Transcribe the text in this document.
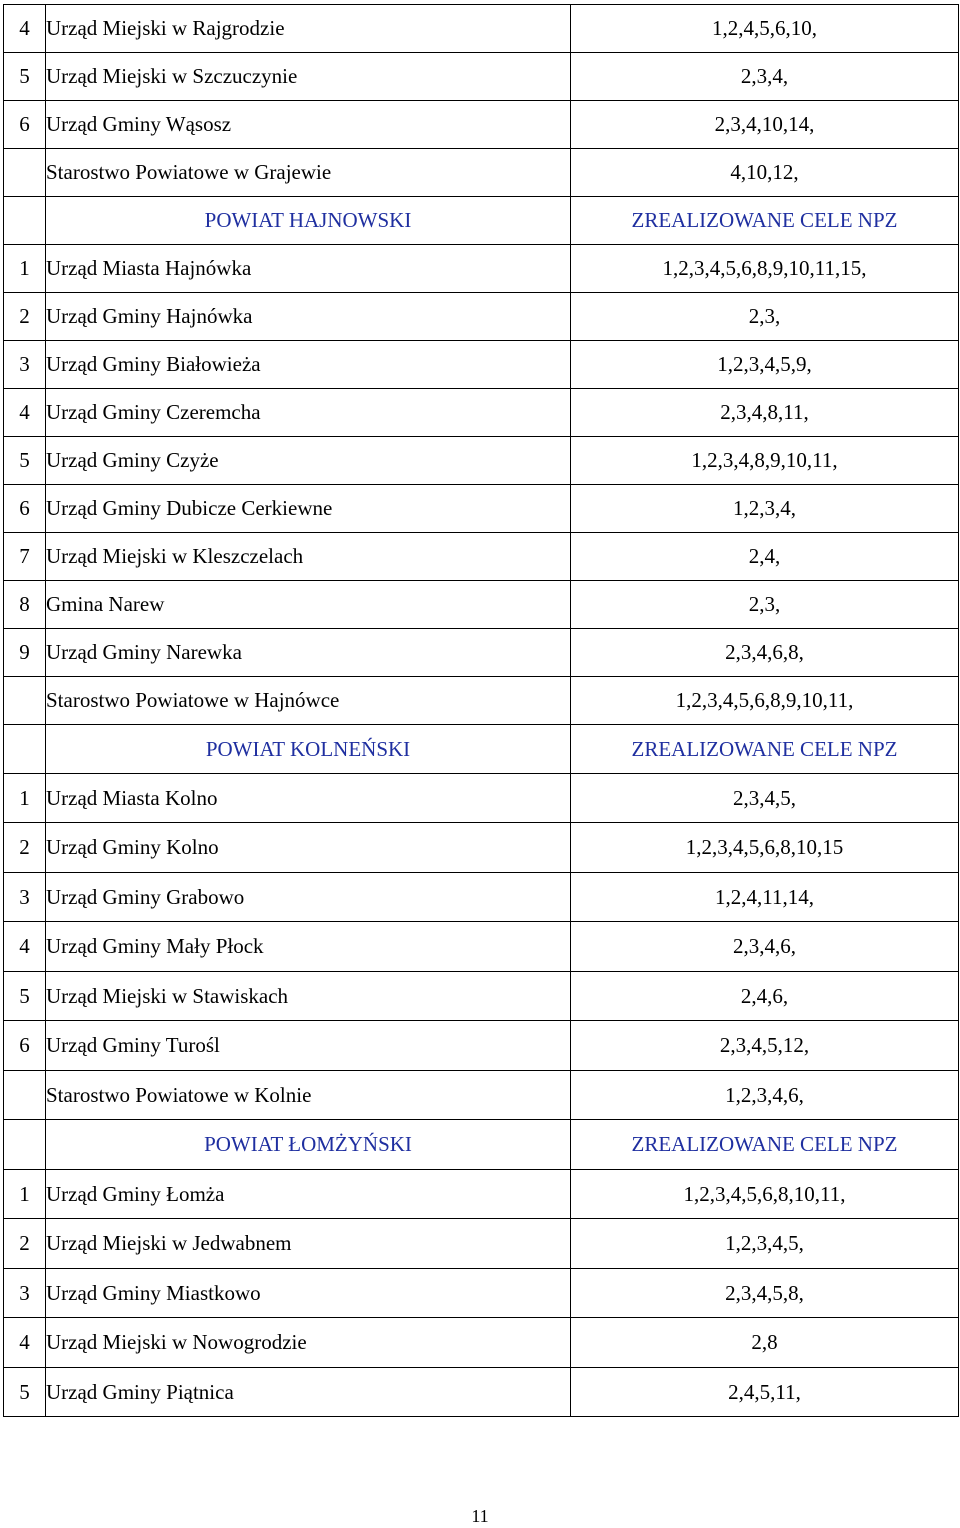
4	Urząd Miejski w Rajgrodzie	1,2,4,5,6,10,
5	Urząd Miejski w Szczuczynie	2,3,4,
6	Urząd Gminy Wąsosz	2,3,4,10,14,
	Starostwo Powiatowe w Grajewie	4,10,12,
	POWIAT HAJNOWSKI	ZREALIZOWANE CELE NPZ
1	Urząd Miasta Hajnówka	1,2,3,4,5,6,8,9,10,11,15,
2	Urząd Gminy Hajnówka	2,3,
3	Urząd Gminy Białowieża	1,2,3,4,5,9,
4	Urząd Gminy Czeremcha	2,3,4,8,11,
5	Urząd Gminy Czyże	1,2,3,4,8,9,10,11,
6	Urząd Gminy Dubicze Cerkiewne	1,2,3,4,
7	Urząd Miejski w Kleszczelach	2,4,
8	Gmina Narew	2,3,
9	Urząd Gminy Narewka	2,3,4,6,8,
	Starostwo Powiatowe w Hajnówce	1,2,3,4,5,6,8,9,10,11,
	POWIAT KOLNEŃSKI	ZREALIZOWANE CELE NPZ
1	Urząd Miasta Kolno	2,3,4,5,
2	Urząd Gminy Kolno	1,2,3,4,5,6,8,10,15
3	Urząd Gminy Grabowo	1,2,4,11,14,
4	Urząd Gminy Mały Płock	2,3,4,6,
5	Urząd Miejski w Stawiskach	2,4,6,
6	Urząd Gminy Turośl	2,3,4,5,12,
	Starostwo Powiatowe w Kolnie	1,2,3,4,6,
	POWIAT ŁOMŻYŃSKI	ZREALIZOWANE CELE NPZ
1	Urząd Gminy Łomża	1,2,3,4,5,6,8,10,11,
2	Urząd Miejski w Jedwabnem	1,2,3,4,5,
3	Urząd Gminy Miastkowo	2,3,4,5,8,
4	Urząd Miejski w Nowogrodzie	2,8
5	Urząd Gminy Piątnica	2,4,5,11,
11
